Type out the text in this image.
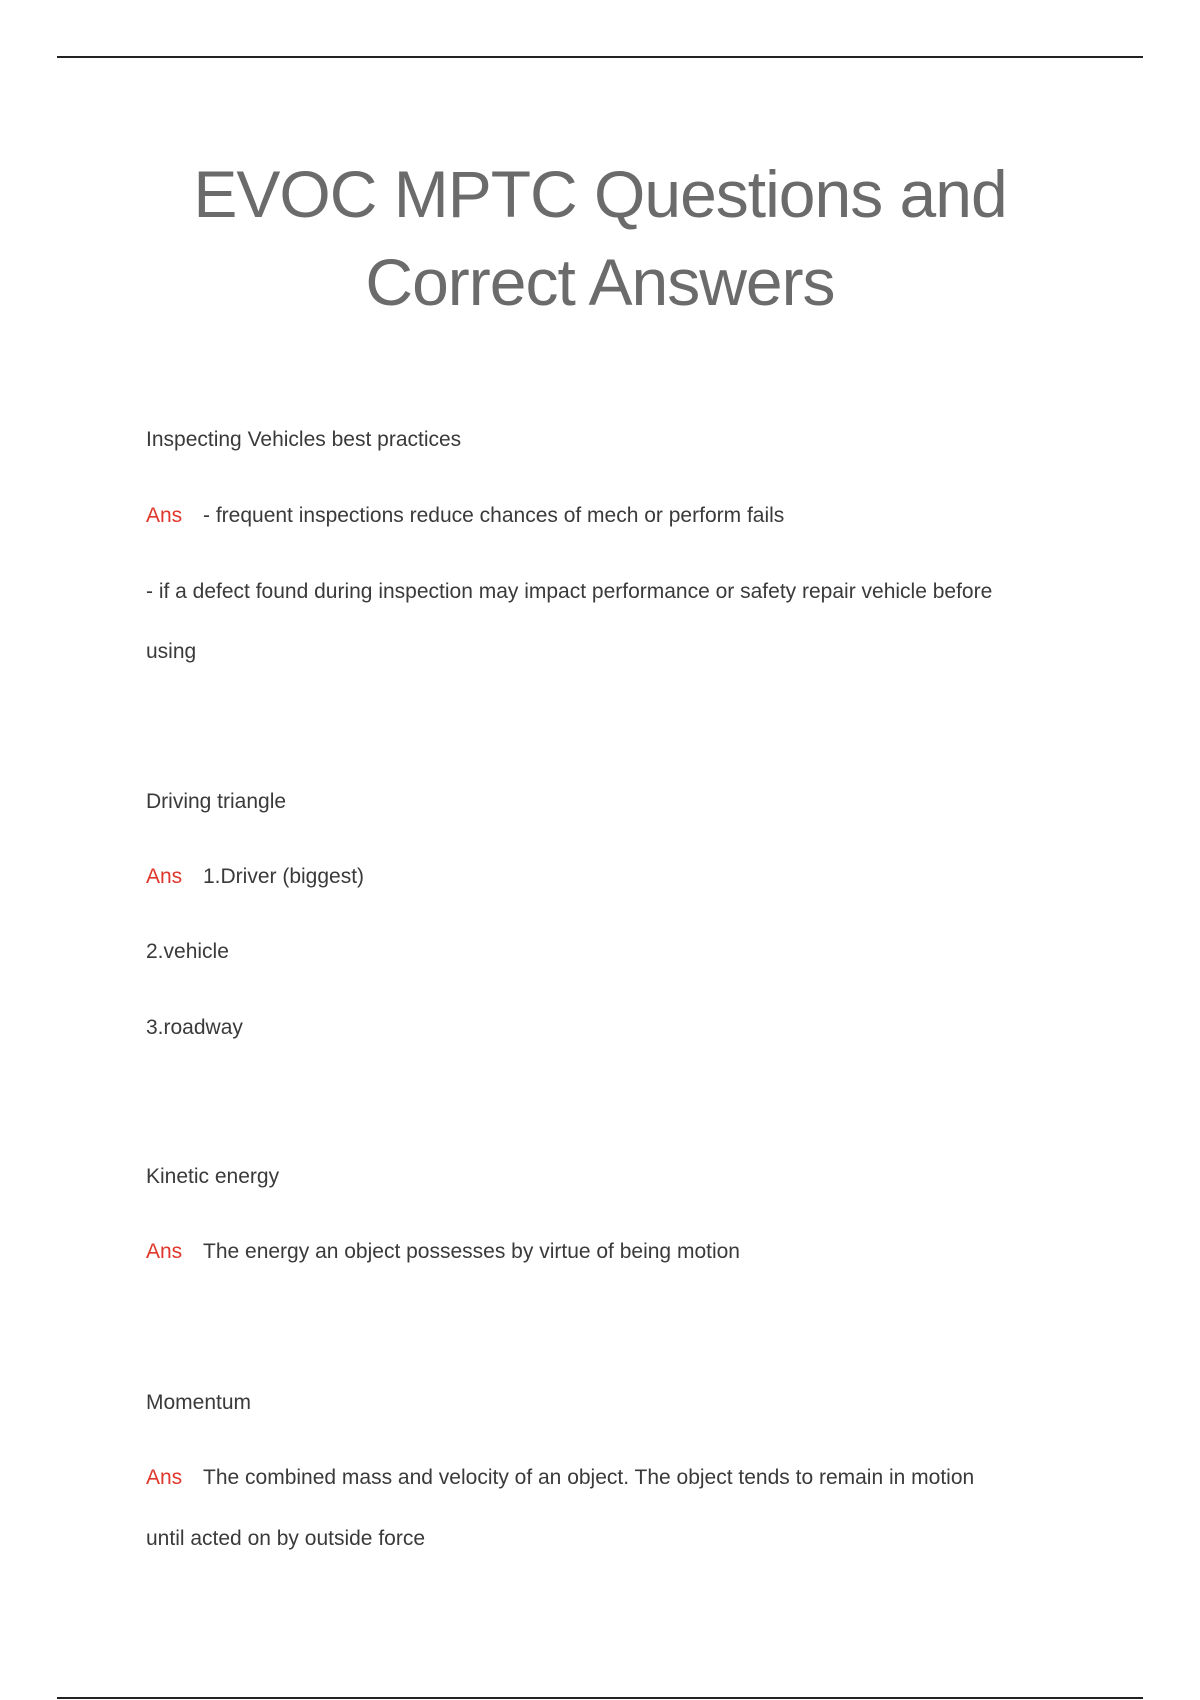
EVOC MPTC Questions and
Correct Answers
Inspecting Vehicles best practices
Ans - frequent inspections reduce chances of mech or perform fails
- if a defect found during inspection may impact performance or safety repair vehicle before
using
Driving triangle
Ans 1.Driver (biggest)
2.vehicle
3.roadway
Kinetic energy
Ans The energy an object possesses by virtue of being motion
Momentum
Ans The combined mass and velocity of an object. The object tends to remain in motion
until acted on by outside force
